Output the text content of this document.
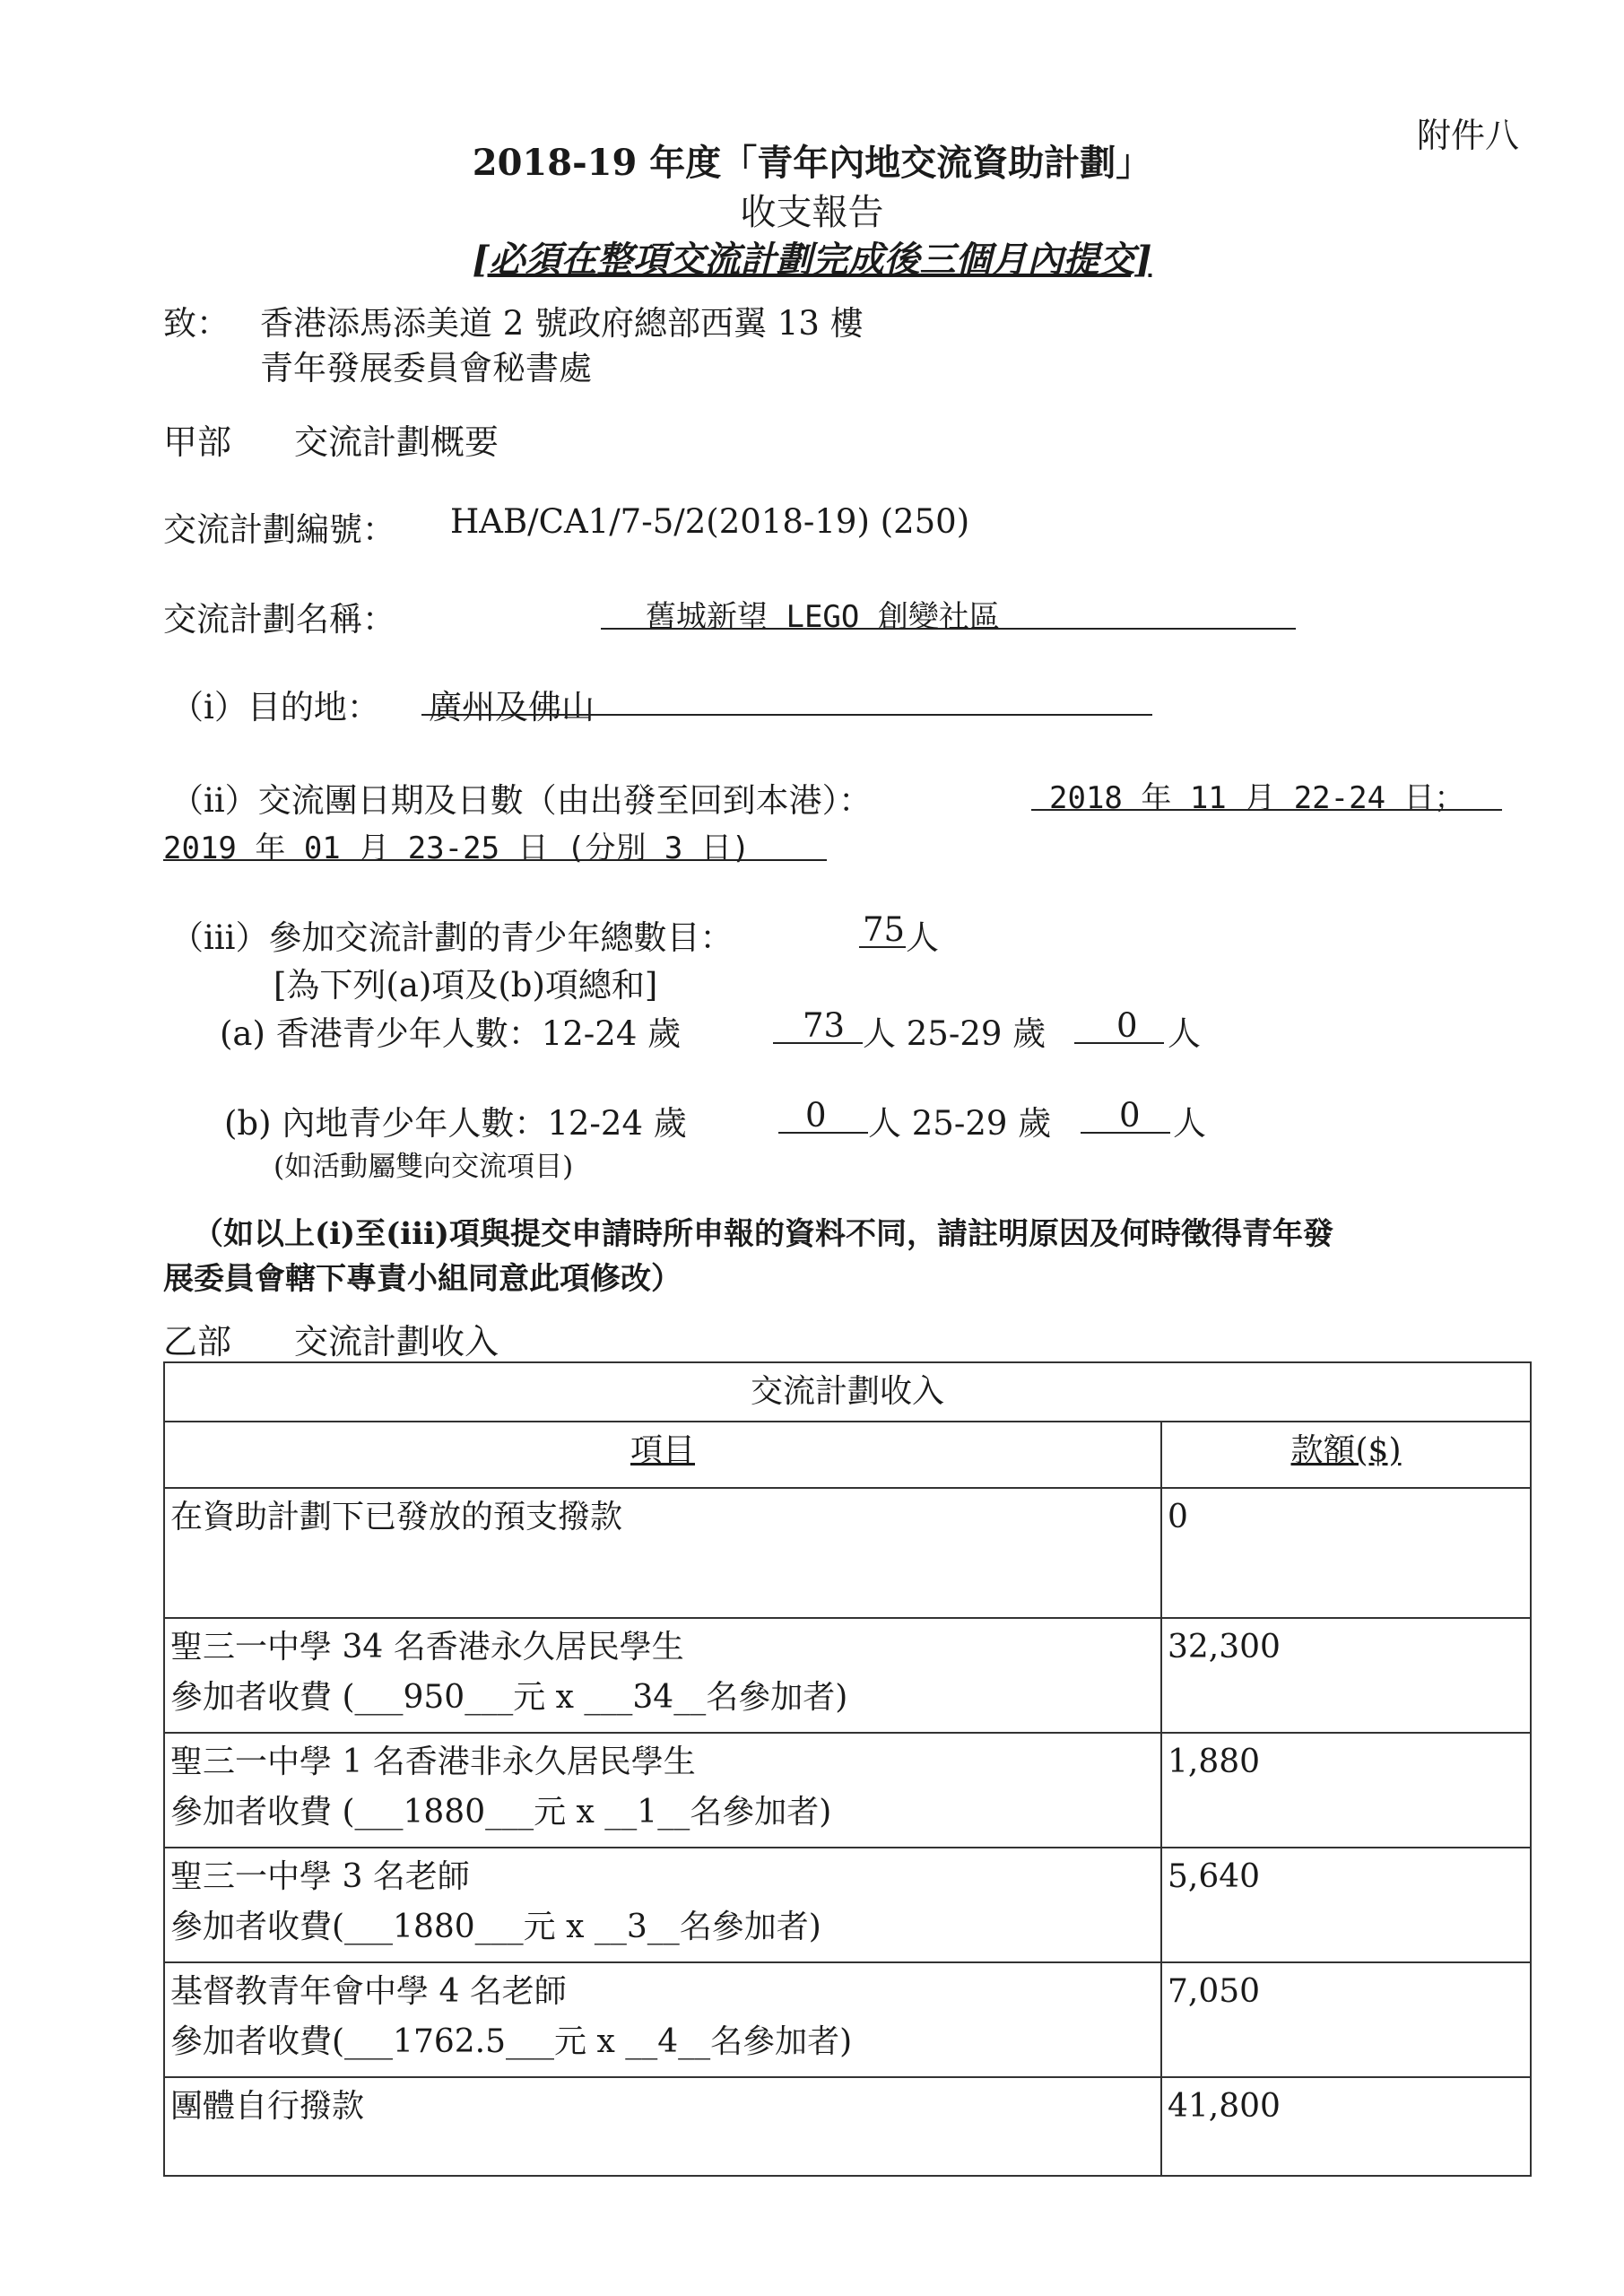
附件八
2018-19 年度「青年內地交流資助計劃」
收支報告
[必須在整項交流計劃完成後三個月內提交]
致： 香港添馬添美道 2 號政府總部西翼 13 樓
青年發展委員會秘書處
甲部 交流計劃概要
交流計劃編號： HAB/CA1/7-5/2(2018-19) (250)
交流計劃名稱：	舊城新望 LEGO 創變社區
（i）目的地： 廣州及佛山
（ii）交流團日期及日數（由出發至回到本港）：	2018 年 11 月 22-24 日；
2019 年 01 月 23-25 日 (分別 3 日)
（iii）參加交流計劃的青少年總數目：	75 人
[為下列(a)項及(b)項總和]
(a) 香港青少年人數：12-24 歲	73 人 25-29 歲 0 人
(b) 內地青少年人數：12-24 歲	0 人 25-29 歲 0 人
(如活動屬雙向交流項目)
（如以上(i)至(iii)項與提交申請時所申報的資料不同，請註明原因及何時徵得青年發
展委員會轄下專責小組同意此項修改）
乙部 交流計劃收入
交流計劃收入	
項目	款額($)

在資助計劃下已發放的預支撥款	0

聖三一中學 34 名香港永久居民學生
參加者收費 (___950___元 x ___34__名參加者)	32,300

聖三一中學 1 名香港非永久居民學生
參加者收費 (___1880___元 x __1__名參加者)	1,880

聖三一中學 3 名老師
參加者收費(___1880___元 x __3__名參加者)	5,640

基督教青年會中學 4 名老師
參加者收費(___1762.5___元 x __4__名參加者)	7,050

團體自行撥款	41,800
